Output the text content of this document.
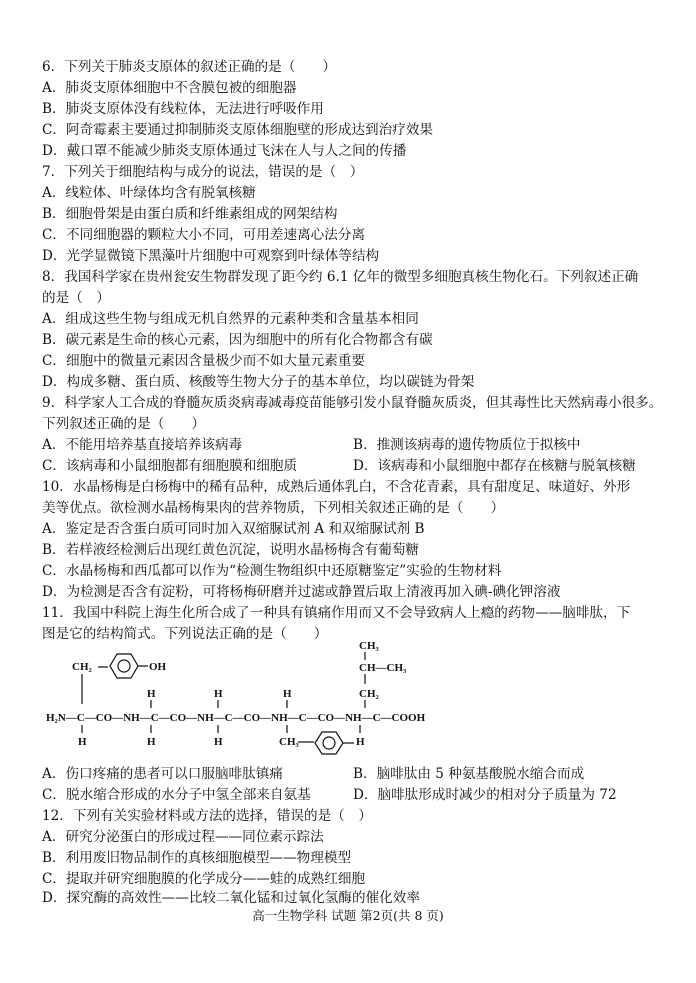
6．下列关于肺炎支原体的叙述正确的是（　　）
A．肺炎支原体细胞中不含膜包被的细胞器
B．肺炎支原体没有线粒体，无法进行呼吸作用
C．阿奇霉素主要通过抑制肺炎支原体细胞壁的形成达到治疗效果
D．戴口罩不能减少肺炎支原体通过飞沫在人与人之间的传播
7．下列关于细胞结构与成分的说法，错误的是（　）
A．线粒体、叶绿体均含有脱氧核糖
B．细胞骨架是由蛋白质和纤维素组成的网架结构
C．不同细胞器的颗粒大小不同，可用差速离心法分离
D．光学显微镜下黑藻叶片细胞中可观察到叶绿体等结构
8．我国科学家在贵州瓮安生物群发现了距今约 6.1 亿年的微型多细胞真核生物化石。下列叙述正确
的是（　）
A．组成这些生物与组成无机自然界的元素种类和含量基本相同
B．碳元素是生命的核心元素，因为细胞中的所有化合物都含有碳
C．细胞中的微量元素因含量极少而不如大量元素重要
D．构成多糖、蛋白质、核酸等生物大分子的基本单位，均以碳链为骨架
9．科学家人工合成的脊髓灰质炎病毒减毒疫苗能够引发小鼠脊髓灰质炎，但其毒性比天然病毒小很多。
下列叙述正确的是（　　）
A．不能用培养基直接培养该病毒	B．推测该病毒的遗传物质位于拟核中
C．该病毒和小鼠细胞都有细胞膜和细胞质	D．该病毒和小鼠细胞中都存在核糖与脱氧核糖
10．水晶杨梅是白杨梅中的稀有品种，成熟后通体乳白，不含花青素，具有甜度足、味道好、外形
美等优点。欲检测水晶杨梅果肉的营养物质，下列相关叙述正确的是（　　）
A．鉴定是否含蛋白质可同时加入双缩脲试剂 A 和双缩脲试剂 B
B．若样液经检测后出现红黄色沉淀，说明水晶杨梅含有葡萄糖
C．水晶杨梅和西瓜都可以作为“检测生物组织中还原糖鉴定”实验的生物材料
D．为检测是否含有淀粉，可将杨梅研磨并过滤或静置后取上清液再加入碘-碘化钾溶液
11．我国中科院上海生化所合成了一种具有镇痛作用而又不会导致病人上瘾的药物——脑啡肽，下
图是它的结构简式。下列说法正确的是（　　）
CH₂	OH
CH₃
CH—CH₃
CH₂
H	H	H
H₂N—C—CO—NH—C—CO—NH—C—CO—NH—C—CO—NH—C—COOH
H	H	H	CH₃	H
A．伤口疼痛的患者可以口服脑啡肽镇痛	B．脑啡肽由 5 种氨基酸脱水缩合而成
C．脱水缩合形成的水分子中氢全部来自氨基	D．脑啡肽形成时减少的相对分子质量为 72
12．下列有关实验材料或方法的选择，错误的是（　）
A．研究分泌蛋白的形成过程——同位素示踪法
B．利用废旧物品制作的真核细胞模型——物理模型
C．提取并研究细胞膜的化学成分——蛙的成熟红细胞
D．探究酶的高效性——比较二氧化锰和过氧化氢酶的催化效率
高一生物学科 试题 第2页(共 8 页)
